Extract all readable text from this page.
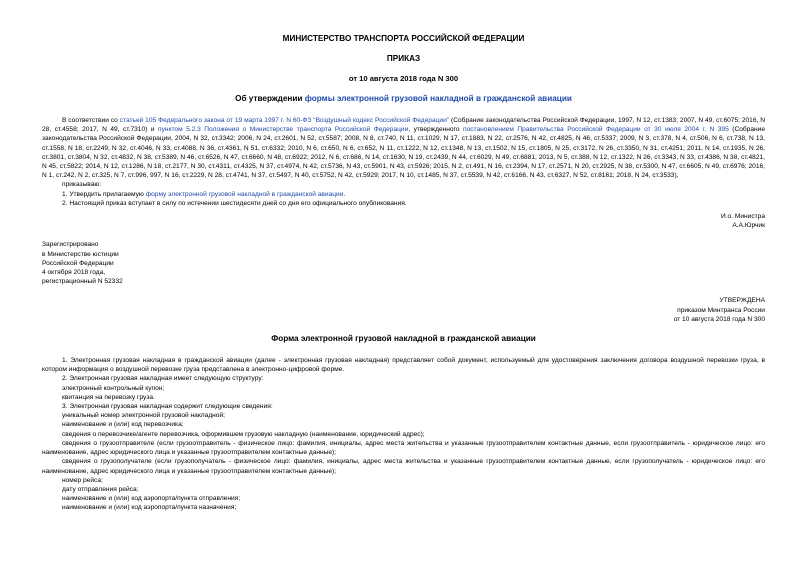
МИНИСТЕРСТВО ТРАНСПОРТА РОССИЙСКОЙ ФЕДЕРАЦИИ
ПРИКАЗ
от 10 августа 2018 года N 300
Об утверждении формы электронной грузовой накладной в гражданской авиации

В соответствии со статьей 105 Федерального закона от 19 марта 1997 г. N 60-ФЗ "Воздушный кодекс Российской Федерации" (Собрание законодательства Российской Федерации, 1997, N 12, ст.1383; 2007, N 49, ст.6075; 2016, N 28, ст.4558; 2017, N 49, ст.7310) и пунктом 5.2.3 Положения о Министерстве транспорта Российской Федерации, утвержденного постановлением Правительства Российской Федерации от 30 июля 2004 г. N 395 (Собрание законодательства Российской Федерации, 2004, N 32, ст.3342; 2006, N 24, ст.2601, N 52, ст.5587; 2008, N 8, ст.740, N 11, ст.1029, N 17, ст.1883, N 22, ст.2576, N 42, ст.4825, N 46, ст.5337; 2009, N 3, ст.378, N 4, ст.506, N 6, ст.738, N 13, ст.1558, N 18, ст.2249, N 32, ст.4046, N 33, ст.4088, N 36, ст.4361, N 51, ст.6332; 2010, N 6, ст.650, N 6, ст.652, N 11, ст.1222, N 12, ст.1348, N 13, ст.1502, N 15, ст.1805, N 25, ст.3172, N 26, ст.3350, N 31, ст.4251; 2011, N 14, ст.1935, N 26, ст.3801, ст.3804, N 32, ст.4832, N 38, ст.5389, N 46, ст.6526, N 47, ст.6660, N 48, ст.6922; 2012, N 6, ст.686, N 14, ст.1630, N 19, ст.2439, N 44, ст.6029, N 49, ст.6881; 2013, N 5, ст.388, N 12, ст.1322, N 26, ст.3343, N 33, ст.4386, N 38, ст.4821, N 45, ст.5822; 2014, N 12, ст.1286, N 18, ст.2177, N 30, ст.4311, ст.4325, N 37, ст.4974, N 42, ст.5736, N 43, ст.5901, N 43, ст.5926; 2015, N 2, ст.491, N 16, ст.2394, N 17, ст.2571, N 20, ст.2925, N 38, ст.5300, N 47, ст.6605, N 49, ст.6976; 2016, N 1, ст.242, N 2, ст.325, N 7, ст.996, 997, N 16, ст.2229, N 28, ст.4741, N 37, ст.5497, N 40, ст.5752, N 42, ст.5929; 2017, N 10, ст.1485, N 37, ст.5539, N 42, ст.6166, N 43, ст.6327, N 52, ст.8161; 2018, N 24, ст.3533),

приказываю:

1. Утвердить прилагаемую форму электронной грузовой накладной в гражданской авиации.

2. Настоящий приказ вступает в силу по истечении шестидесяти дней со дня его официального опубликования.

И.о. Министра
А.А.Юрчик
Зарегистрировано
в Министерстве юстиции
Российской Федерации
4 октября 2018 года,
регистрационный N 52332
УТВЕРЖДЕНА
приказом Минтранса России
от 10 августа 2018 года N 300
Форма электронной грузовой накладной в гражданской авиации

1. Электронная грузовая накладная в гражданской авиации (далее - электронная грузовая накладная) представляет собой документ, используемый для удостоверения заключения договора воздушной перевозки груза, в котором информация о воздушной перевозке груза представлена в электронно-цифровой форме.

2. Электронная грузовая накладная имеет следующую структуру:

электронный контрольный купон;

квитанция на перевозку груза.

3. Электронная грузовая накладная содержит следующие сведения:

уникальный номер электронной грузовой накладной;

наименование и (или) код перевозчика;

сведения о перевозчике/агенте перевозчика, оформившем грузовую накладную (наименование, юридический адрес);

сведения о грузоотправителе (если грузоотправитель - физическое лицо: фамилия, инициалы, адрес места жительства и указанные грузоотправителем контактные данные, если грузоотправитель - юридическое лицо: его наименование, адрес юридического лица и указанные грузоотправителем контактные данные);

сведения о грузополучателе (если грузополучатель - физическое лицо: фамилия, инициалы, адрес места жительства и указанные грузоотправителем контактные данные, если грузополучатель - юридическое лицо: его наименование, адрес юридического лица и указанные грузоотправителем контактные данные);

номер рейса;

дату отправления рейса;

наименование и (или) код аэропорта/пункта отправления;

наименование и (или) код аэропорта/пункта назначения;
